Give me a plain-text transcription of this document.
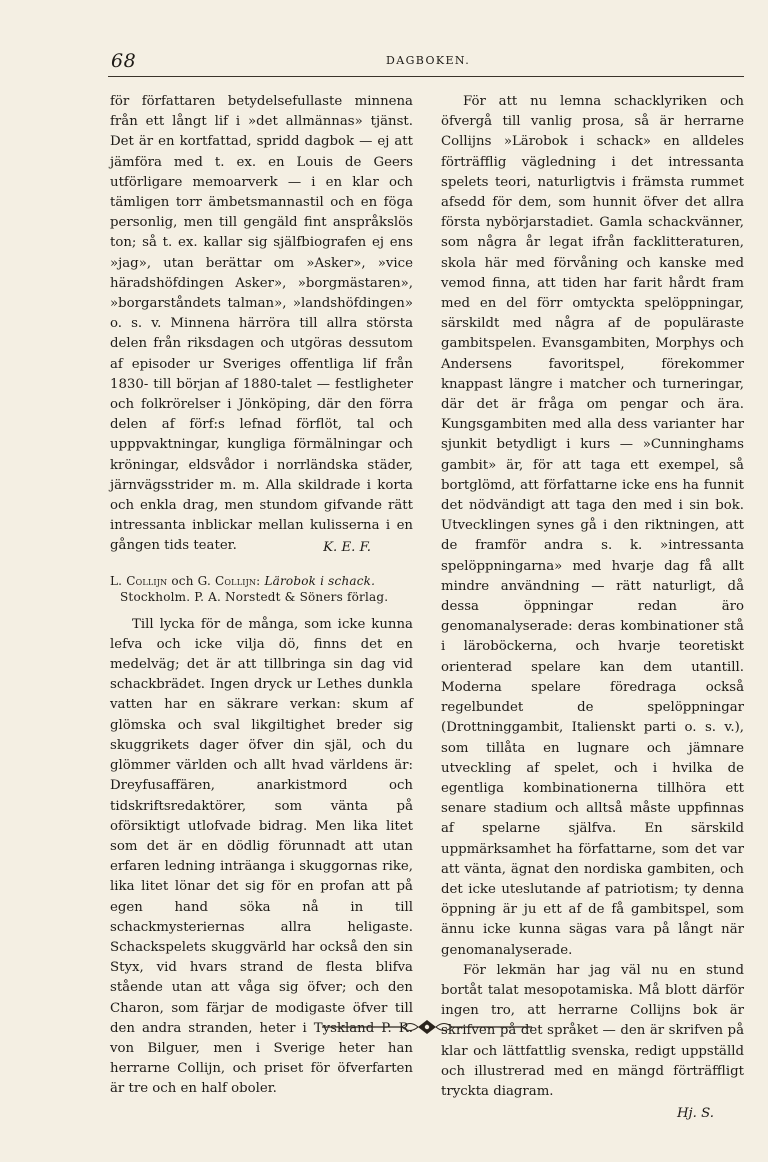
68	DAGBOKEN.

för författaren betydelsefullaste minnena från ett långt lif i »det allmännas» tjänst. Det är en kortfattad, spridd dagbok — ej att jämföra med t. ex. en Louis de Geers utförligare memoarverk — i en klar och tämligen torr ämbetsmannastil och en föga personlig, men till gengäld fint anspråkslös ton; så t. ex. kallar sig själfbiografen ej ens »jag», utan berättar om »Asker», »vice häradshöfdingen Asker», »borgmästaren», »borgarståndets talman», »landshöfdingen» o. s. v. Minnena härröra till allra största delen från riksdagen och utgöras dessutom af episoder ur Sveriges offentliga lif från 1830- till början af 1880-talet — festligheter och folkrörelser i Jönköping, där den förra delen af förf:s lefnad förflöt, tal och upppvaktningar, kungliga förmälningar och kröningar, eldsvådor i norrländska städer, järnvägsstrider m. m. Alla skildrade i korta och enkla drag, men stundom gifvande rätt intressanta inblickar mellan kulisserna i en gången tids teater.	K. E. F.

L. Collijn och G. Collijn: Lärobok i schack.
Stockholm. P. A. Norstedt & Söners förlag.

Till lycka för de många, som icke kunna lefva och icke vilja dö, finns det en medelväg; det är att tillbringa sin dag vid schackbrädet. Ingen dryck ur Lethes dunkla vatten har en säkrare verkan: skum af glömska och sval likgiltighet breder sig skuggrikets dager öfver din själ, och du glömmer världen och allt hvad världens är: Dreyfusaffären, anarkistmord och tidskriftsredaktörer, som vänta på oförsiktigt utlofvade bidrag. Men lika litet som det är en dödlig förunnadt att utan erfaren ledning inträanga i skuggornas rike, lika litet lönar det sig för en profan att på egen hand söka nå in till schackmysteriernas allra heligaste. Schackspelets skuggvärld har också den sin Styx, vid hvars strand de flesta blifva stående utan att våga sig öfver; och den Charon, som färjar de modigaste öfver till den andra stranden, heter i Tyskland P. R. von Bilguer, men i Sverige heter han herrarne Collijn, och priset för öfverfarten är tre och en half oboler.

För att nu lemna schacklyriken och öfvergå till vanlig prosa, så är herrarne Collijns »Lärobok i schack» en alldeles förträfflig vägledning i det intressanta spelets teori, naturligtvis i främsta rummet afsedd för dem, som hunnit öfver det allra första nybörjarstadiet. Gamla schackvänner, som några år legat ifrån facklitteraturen, skola här med förvåning och kanske med vemod finna, att tiden har farit hårdt fram med en del förr omtyckta spelöppningar, särskildt med några af de populäraste gambitspelen. Evansgambiten, Morphys och Andersens favoritspel, förekommer knappast längre i matcher och turneringar, där det är fråga om pengar och ära. Kungsgambiten med alla dess varianter har sjunkit betydligt i kurs — »Cunninghams gambit» är, för att taga ett exempel, så bortglömd, att författarne icke ens ha funnit det nödvändigt att taga den med i sin bok. Utvecklingen synes gå i den riktningen, att de framför andra s. k. »intressanta spelöppningarna» med hvarje dag få allt mindre användning — rätt naturligt, då dessa öppningar redan äro genomanalyserade: deras kombinationer stå i läroböckerna, och hvarje teoretiskt orienterad spelare kan dem utantill. Moderna spelare föredraga också regelbundet de spelöppningar (Drottninggambit, Italienskt parti o. s. v.), som tillåta en lugnare och jämnare utveckling af spelet, och i hvilka de egentliga kombinationerna tillhöra ett senare stadium och alltså måste uppfinnas af spelarne själfva. En särskild uppmärksamhet ha författarne, som det var att vänta, ägnat den nordiska gambiten, och det icke uteslutande af patriotism; ty denna öppning är ju ett af de få gambitspel, som ännu icke kunna sägas vara på långt när genomanalyserade.

För lekmän har jag väl nu en stund bortåt talat mesopotamiska. Må blott därför ingen tro, att herrarne Collijns bok är skrifven på det språket — den är skrifven på klar och lättfattlig svenska, redigt uppställd och illustrerad med en mängd förträffligt tryckta diagram.

Hj. S.
